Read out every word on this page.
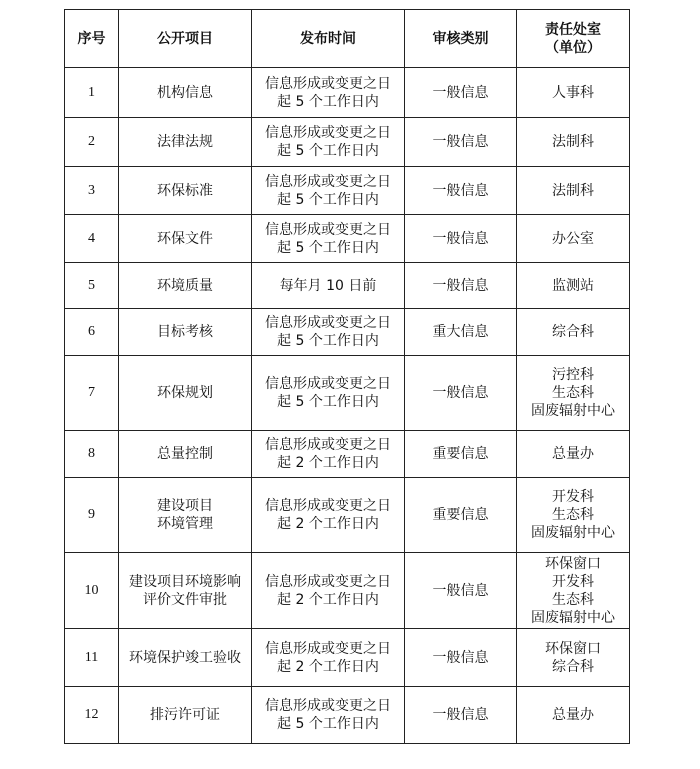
序号	公开项目	发布时间	审核类别	责任处室
（单位）

1	机构信息	信息形成或变更之日
起 5 个工作日内	一般信息	人事科

2	法律法规	信息形成或变更之日
起 5 个工作日内	一般信息	法制科

3	环保标准	信息形成或变更之日
起 5 个工作日内	一般信息	法制科

4	环保文件	信息形成或变更之日
起 5 个工作日内	一般信息	办公室

5	环境质量	每年月 10 日前	一般信息	监测站

6	目标考核	信息形成或变更之日
起 5 个工作日内	重大信息	综合科

7	环保规划	信息形成或变更之日
起 5 个工作日内	一般信息	污控科
生态科
固废辐射中心

8	总量控制	信息形成或变更之日
起 2 个工作日内	重要信息	总量办

9	建设项目
环境管理	信息形成或变更之日
起 2 个工作日内	重要信息	开发科
生态科
固废辐射中心

10	建设项目环境影响
评价文件审批	信息形成或变更之日
起 2 个工作日内	一般信息	环保窗口
开发科
生态科
固废辐射中心

11	环境保护竣工验收	信息形成或变更之日
起 2 个工作日内	一般信息	环保窗口
综合科

12	排污许可证	信息形成或变更之日
起 5 个工作日内	一般信息	总量办
